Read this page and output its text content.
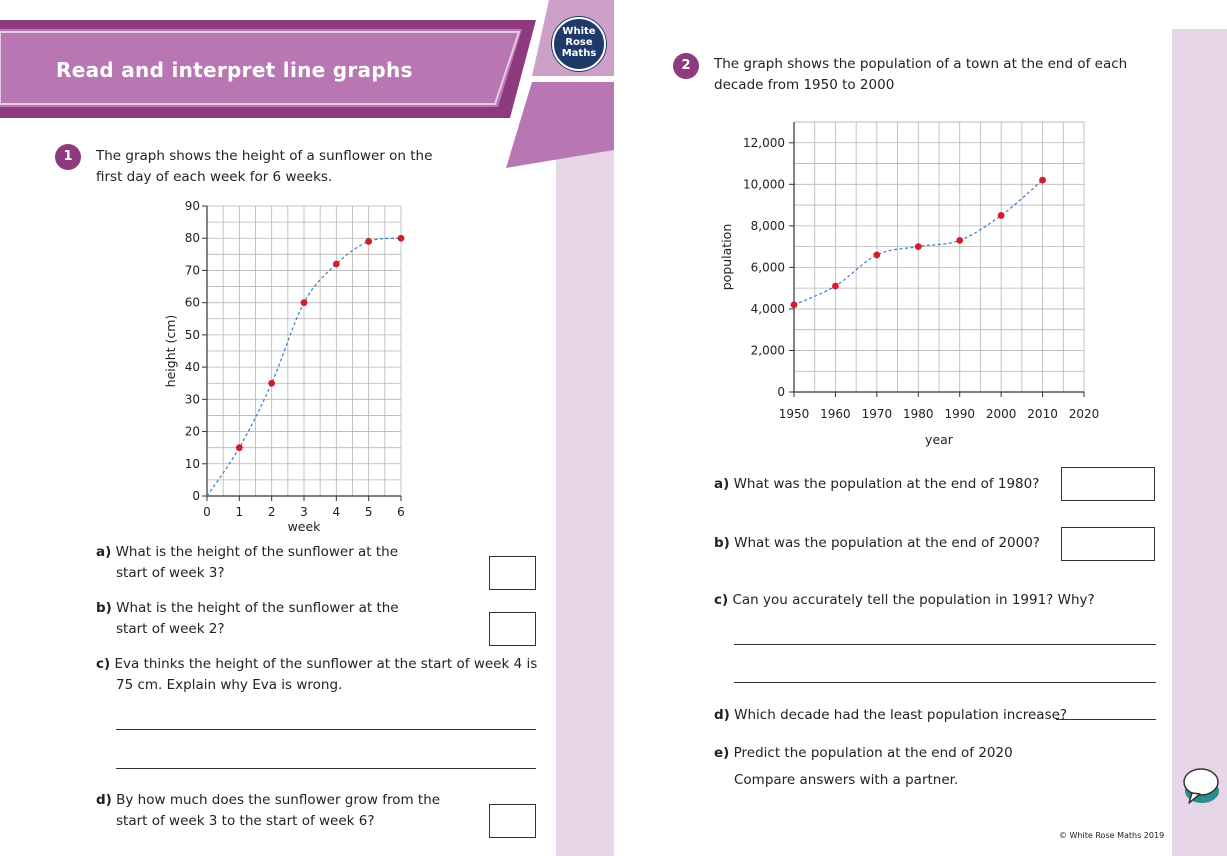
Read and interpret line graphs
White
Rose
Maths
1	The graph shows the height of a sunflower on the
first day of each week for 6 weeks.
0
10
20
30
40
50
60
70
80
90
0 1 2 3 4 5 6
week
height (cm)
a) What is the height of the sunflower at the
start of week 3?
b) What is the height of the sunflower at the
start of week 2?
c) Eva thinks the height of the sunflower at the start of week 4 is
75 cm. Explain why Eva is wrong.
d) By how much does the sunflower grow from the
start of week 3 to the start of week 6?
2	The graph shows the population of a town at the end of each
decade from 1950 to 2000
0
2,000
4,000
6,000
8,000
10,000
12,000
1950 1960 1970 1980 1990 2000 2010 2020
year
population
a) What was the population at the end of 1980?
b) What was the population at the end of 2000?
c) Can you accurately tell the population in 1991? Why?
d) Which decade had the least population increase?
e) Predict the population at the end of 2020
Compare answers with a partner.
© White Rose Maths 2019
